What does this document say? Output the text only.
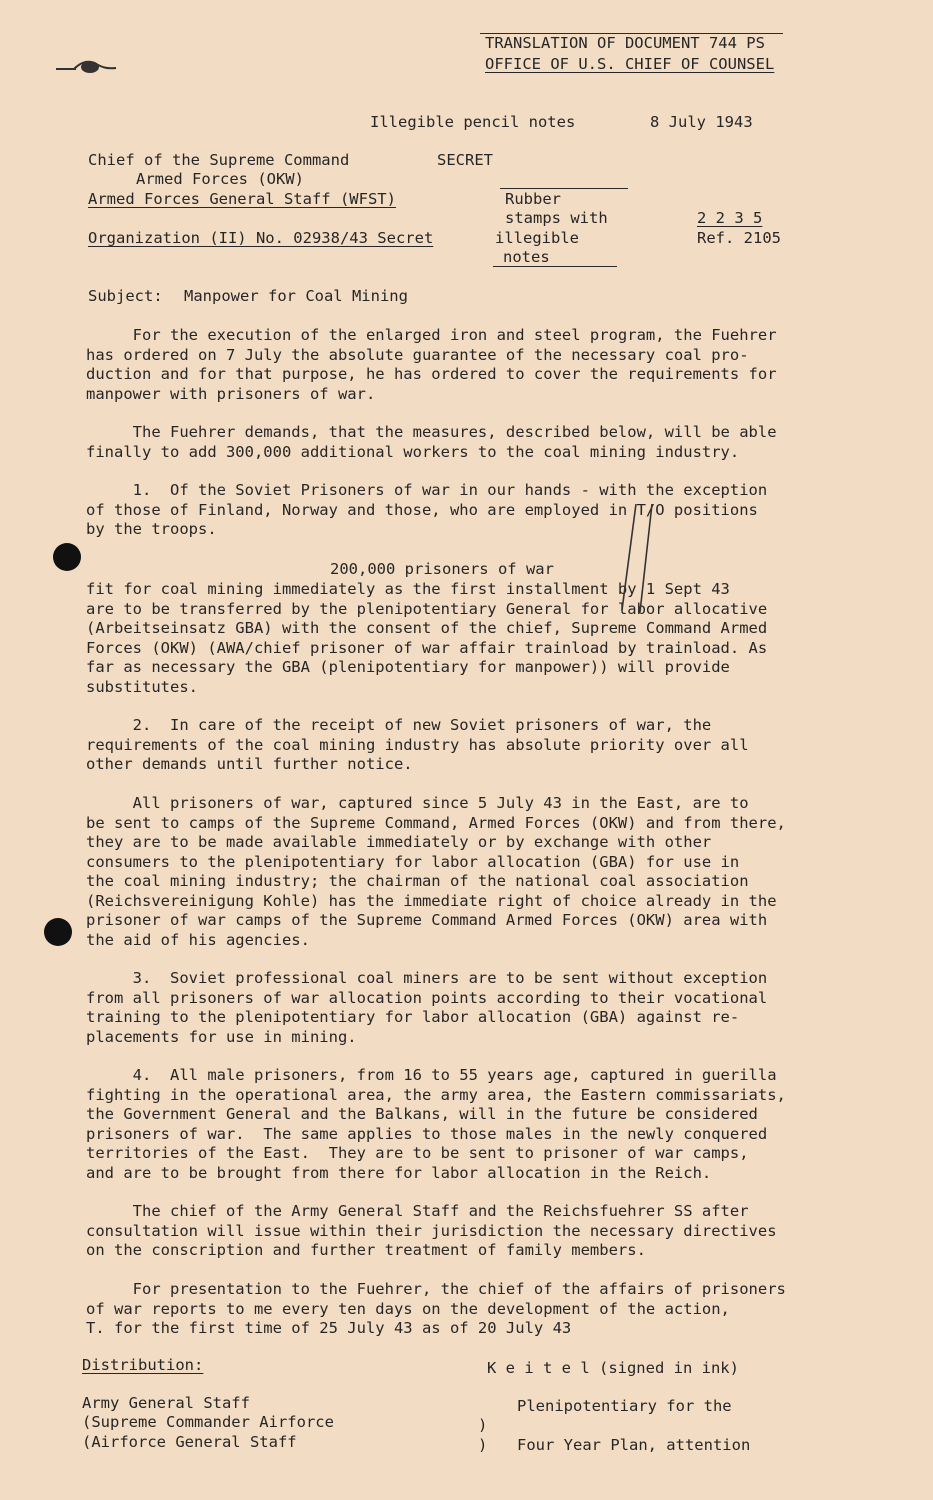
TRANSLATION OF DOCUMENT 744 PS
OFFICE OF U.S. CHIEF OF COUNSEL
Illegible pencil notes	8 July 1943
Chief of the Supreme Command
Armed Forces (OKW)
Armed Forces General Staff (WFST)
Organization (II) No. 02938/43 Secret
SECRET
Rubber
stamps with
illegible
notes
2 2 3 5
Ref. 2105
Subject: Manpower for Coal Mining
For the execution of the enlarged iron and steel program, the Fuehrer
has ordered on 7 July the absolute guarantee of the necessary coal pro-
duction and for that purpose, he has ordered to cover the requirements for
manpower with prisoners of war.
The Fuehrer demands, that the measures, described below, will be able
finally to add 300,000 additional workers to the coal mining industry.
1.  Of the Soviet Prisoners of war in our hands - with the exception
of those of Finland, Norway and those, who are employed in T/O positions
by the troops.
200,000 prisoners of war
fit for coal mining immediately as the first installment by 1 Sept 43
are to be transferred by the plenipotentiary General for labor allocative
(Arbeitseinsatz GBA) with the consent of the chief, Supreme Command Armed
Forces (OKW) (AWA/chief prisoner of war affair trainload by trainload. As
far as necessary the GBA (plenipotentiary for manpower)) will provide
substitutes.
2.  In care of the receipt of new Soviet prisoners of war, the
requirements of the coal mining industry has absolute priority over all
other demands until further notice.
All prisoners of war, captured since 5 July 43 in the East, are to
be sent to camps of the Supreme Command, Armed Forces (OKW) and from there,
they are to be made available immediately or by exchange with other
consumers to the plenipotentiary for labor allocation (GBA) for use in
the coal mining industry; the chairman of the national coal association
(Reichsvereinigung Kohle) has the immediate right of choice already in the
prisoner of war camps of the Supreme Command Armed Forces (OKW) area with
the aid of his agencies.
3.  Soviet professional coal miners are to be sent without exception
from all prisoners of war allocation points according to their vocational
training to the plenipotentiary for labor allocation (GBA) against re-
placements for use in mining.
4.  All male prisoners, from 16 to 55 years age, captured in guerilla
fighting in the operational area, the army area, the Eastern commissariats,
the Government General and the Balkans, will in the future be considered
prisoners of war.  The same applies to those males in the newly conquered
territories of the East.  They are to be sent to prisoner of war camps,
and are to be brought from there for labor allocation in the Reich.
The chief of the Army General Staff and the Reichsfuehrer SS after
consultation will issue within their jurisdiction the necessary directives
on the conscription and further treatment of family members.
For presentation to the Fuehrer, the chief of the affairs of prisoners
of war reports to me every ten days on the development of the action,
T. for the first time of 25 July 43 as of 20 July 43
Distribution:	K e i t e l (signed in ink)
Army General Staff
(Supreme Commander Airforce
(Airforce General Staff
)
)
Plenipotentiary for the
Four Year Plan, attention
